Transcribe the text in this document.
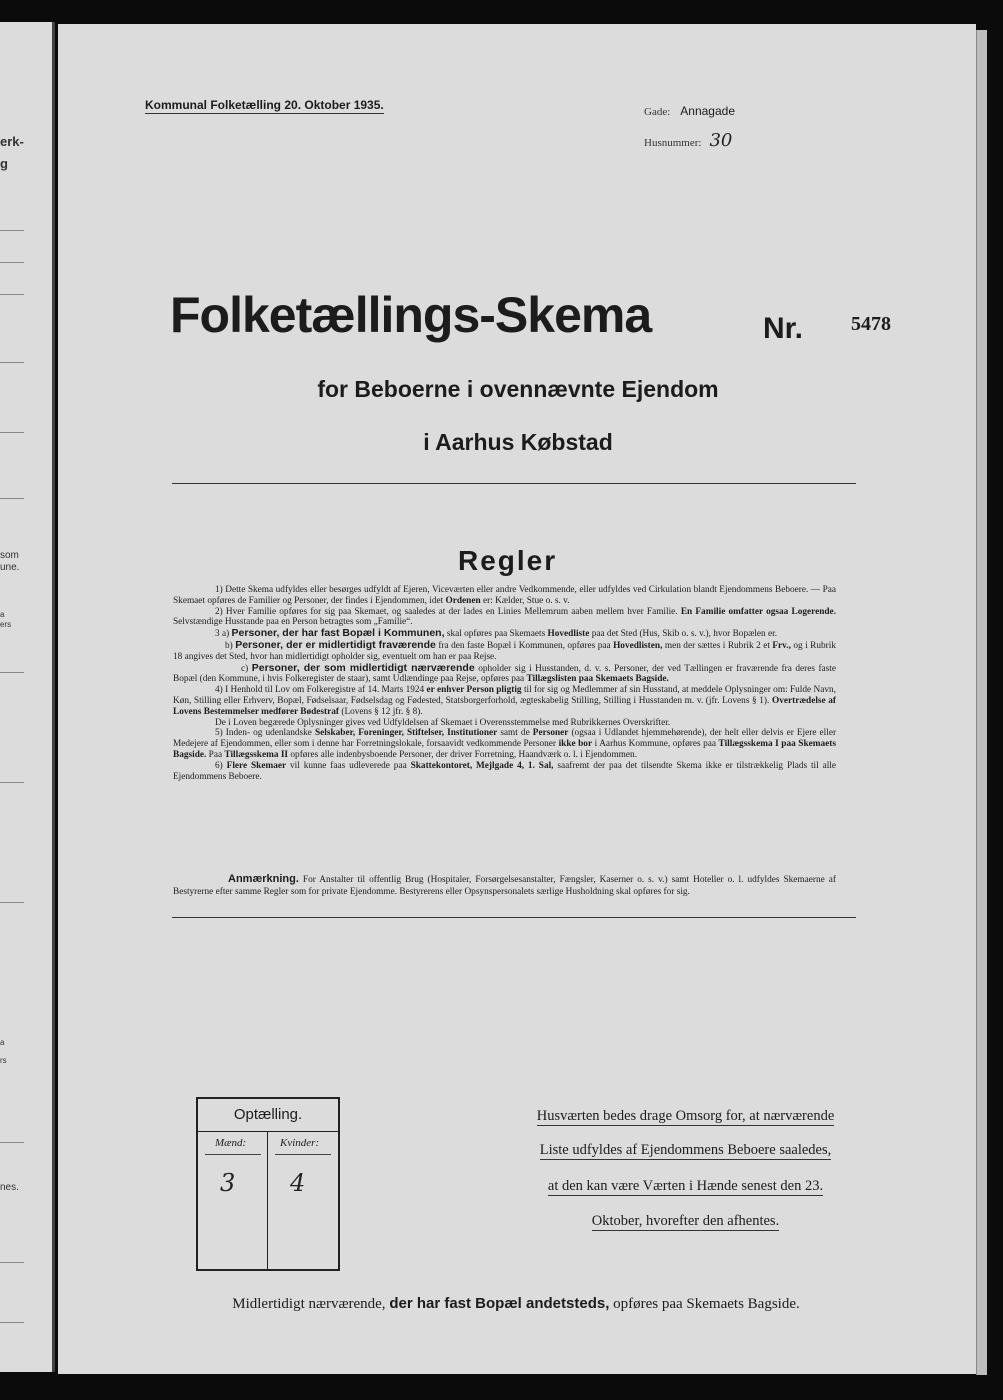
erk-
g
som
une.
a
ers
a
rs
nes.
Kommunal Folketælling 20. Oktober 1935.	Gade: Annagade
Husnummer: 30
Folketællings-Skema	Nr. 5478
for Beboerne i ovennævnte Ejendom
i Aarhus Købstad
Regler

1) Dette Skema udfyldes eller besørges udfyldt af Ejeren, Viceværten eller andre Vedkommende, eller udfyldes ved Cirkulation blandt Ejendommens Beboere. — Paa Skemaet opføres de Familier og Personer, der findes i Ejendommen, idet Ordenen er: Kælder, Stue o. s. v.

2) Hver Familie opføres for sig paa Skemaet, og saaledes at der lades en Linies Mellemrum aaben mellem hver Familie. En Familie omfatter ogsaa Logerende. Selvstændige Husstande paa en Person betragtes som „Familie“.

3 a) Personer, der har fast Bopæl i Kommunen, skal opføres paa Skemaets Hovedliste paa det Sted (Hus, Skib o. s. v.), hvor Bopælen er.

b) Personer, der er midlertidigt fraværende fra den faste Bopæl i Kommunen, opføres paa Hovedlisten, men der sættes i Rubrik 2 et Frv., og i Rubrik 18 angives det Sted, hvor han midlertidigt opholder sig, eventuelt om han er paa Rejse.

c) Personer, der som midlertidigt nærværende opholder sig i Husstanden, d. v. s. Personer, der ved Tællingen er fraværende fra deres faste Bopæl (den Kommune, i hvis Folkeregister de staar), samt Udlændinge paa Rejse, opføres paa Tillægslisten paa Skemaets Bagside.

4) I Henhold til Lov om Folkeregistre af 14. Marts 1924 er enhver Person pligtig til for sig og Medlemmer af sin Husstand, at meddele Oplysninger om: Fulde Navn, Køn, Stilling eller Erhverv, Bopæl, Fødselsaar, Fødselsdag og Fødested, Statsborgerforhold, ægteskabelig Stilling, Stilling i Husstanden m. v. (jfr. Lovens § 1). Overtrædelse af Lovens Bestemmelser medfører Bødestraf (Lovens § 12 jfr. § 8).

De i Loven begærede Oplysninger gives ved Udfyldelsen af Skemaet i Overensstemmelse med Rubrikkernes Overskrifter.

5) Inden- og udenlandske Selskaber, Foreninger, Stiftelser, Institutioner samt de Personer (ogsaa i Udlandet hjemmehørende), der helt eller delvis er Ejere eller Medejere af Ejendommen, eller som i denne har Forretningslokale, forsaavidt vedkommende Personer ikke bor i Aarhus Kommune, opføres paa Tillægsskema I paa Skemaets Bagside. Paa Tillægsskema II opføres alle indenbysboende Personer, der driver Forretning, Haandværk o. l. i Ejendommen.

6) Flere Skemaer vil kunne faas udleverede paa Skattekontoret, Mejlgade 4, 1. Sal, saafremt der paa det tilsendte Skema ikke er tilstrækkelig Plads til alle Ejendommens Beboere.

Anmærkning. For Anstalter til offentlig Brug (Hospitaler, Forsørgelsesanstalter, Fængsler, Kaserner o. s. v.) samt Hoteller o. l. udfyldes Skemaerne af Bestyrerne efter samme Regler som for private Ejendomme. Bestyrerens eller Opsynspersonalets særlige Husholdning skal opføres for sig.

Optælling.
Mænd:	Kvinder:
3 4
Husværten bedes drage Omsorg for, at nærværende
Liste udfyldes af Ejendommens Beboere saaledes,
at den kan være Værten i Hænde senest den 23.
Oktober, hvorefter den afhentes.
Midlertidigt nærværende, der har fast Bopæl andetsteds, opføres paa Skemaets Bagside.
